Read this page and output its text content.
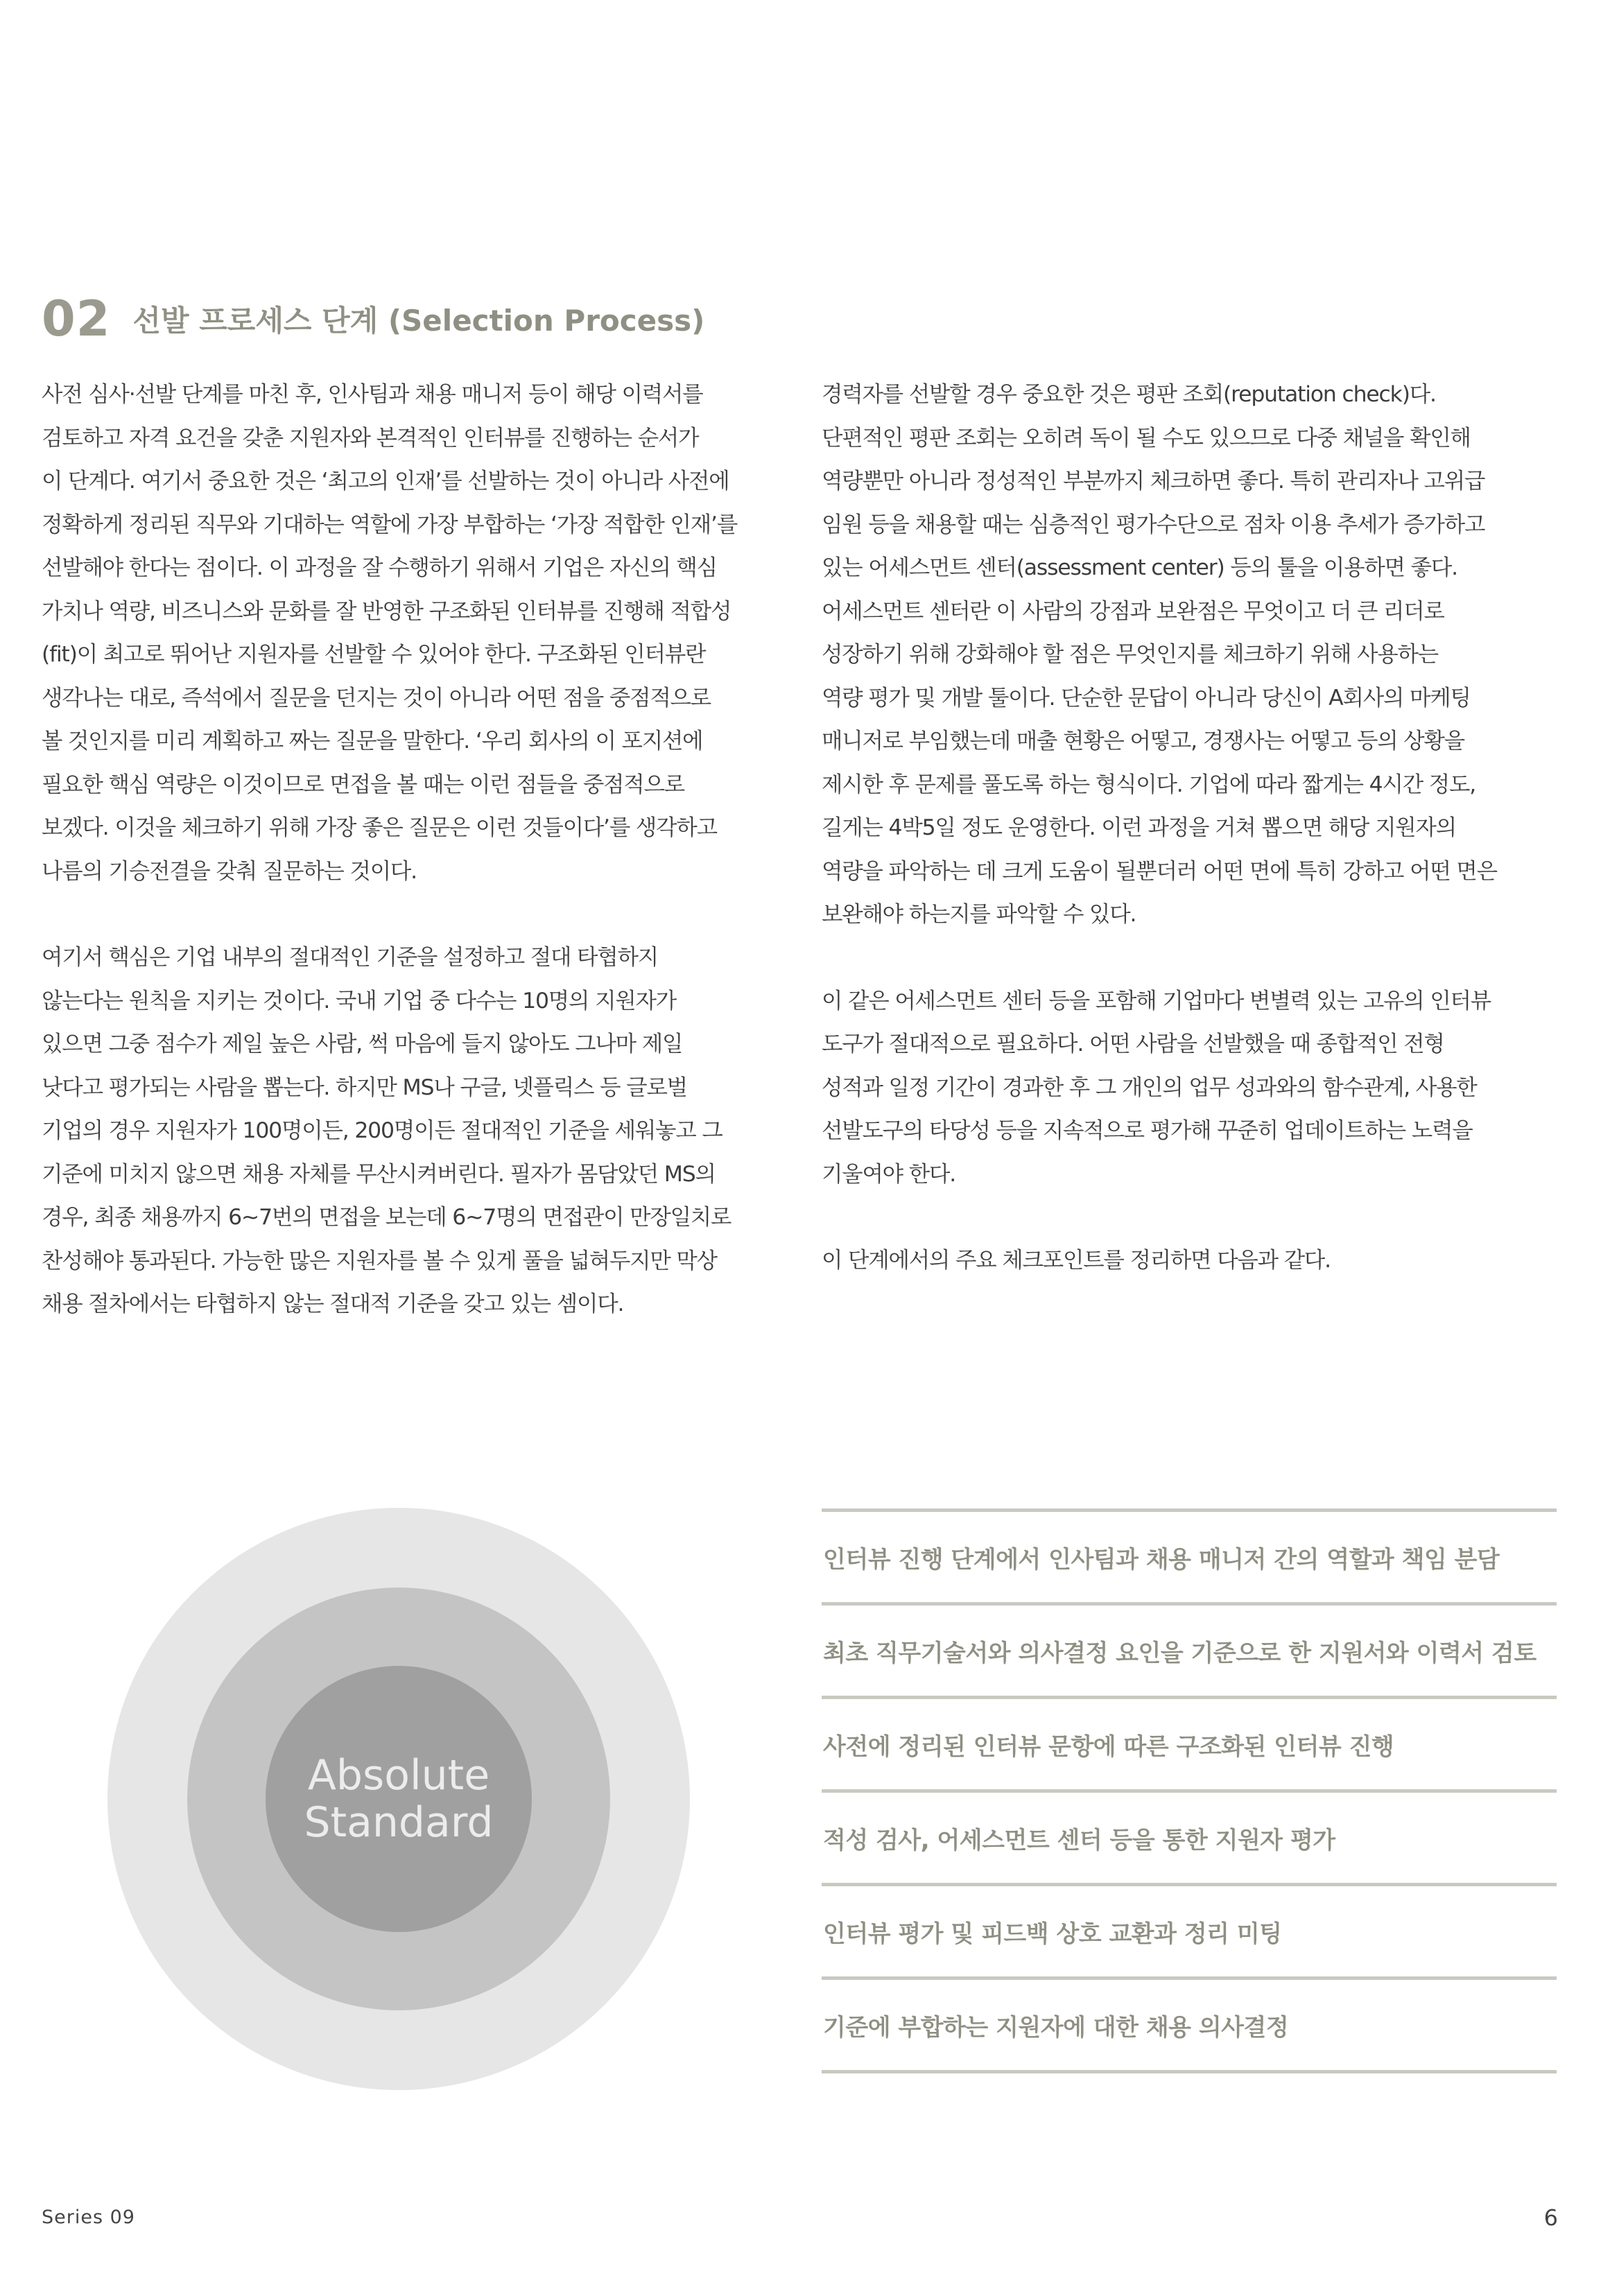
02 선발 프로세스 단계 (Selection Process)

사전 심사·선발 단계를 마친 후, 인사팀과 채용 매니저 등이 해당 이력서를
검토하고 자격 요건을 갖춘 지원자와 본격적인 인터뷰를 진행하는 순서가
이 단계다. 여기서 중요한 것은 ‘최고의 인재’를 선발하는 것이 아니라 사전에
정확하게 정리된 직무와 기대하는 역할에 가장 부합하는 ‘가장 적합한 인재’를
선발해야 한다는 점이다. 이 과정을 잘 수행하기 위해서 기업은 자신의 핵심
가치나 역량, 비즈니스와 문화를 잘 반영한 구조화된 인터뷰를 진행해 적합성
(fit)이 최고로 뛰어난 지원자를 선발할 수 있어야 한다. 구조화된 인터뷰란
생각나는 대로, 즉석에서 질문을 던지는 것이 아니라 어떤 점을 중점적으로
볼 것인지를 미리 계획하고 짜는 질문을 말한다. ‘우리 회사의 이 포지션에
필요한 핵심 역량은 이것이므로 면접을 볼 때는 이런 점들을 중점적으로
보겠다. 이것을 체크하기 위해 가장 좋은 질문은 이런 것들이다’를 생각하고
나름의 기승전결을 갖춰 질문하는 것이다.

여기서 핵심은 기업 내부의 절대적인 기준을 설정하고 절대 타협하지
않는다는 원칙을 지키는 것이다. 국내 기업 중 다수는 10명의 지원자가
있으면 그중 점수가 제일 높은 사람, 썩 마음에 들지 않아도 그나마 제일
낫다고 평가되는 사람을 뽑는다. 하지만 MS나 구글, 넷플릭스 등 글로벌
기업의 경우 지원자가 100명이든, 200명이든 절대적인 기준을 세워놓고 그
기준에 미치지 않으면 채용 자체를 무산시켜버린다. 필자가 몸담았던 MS의
경우, 최종 채용까지 6~7번의 면접을 보는데 6~7명의 면접관이 만장일치로
찬성해야 통과된다. 가능한 많은 지원자를 볼 수 있게 풀을 넓혀두지만 막상
채용 절차에서는 타협하지 않는 절대적 기준을 갖고 있는 셈이다.

경력자를 선발할 경우 중요한 것은 평판 조회(reputation check)다.
단편적인 평판 조회는 오히려 독이 될 수도 있으므로 다중 채널을 확인해
역량뿐만 아니라 정성적인 부분까지 체크하면 좋다. 특히 관리자나 고위급
임원 등을 채용할 때는 심층적인 평가수단으로 점차 이용 추세가 증가하고
있는 어세스먼트 센터(assessment center) 등의 툴을 이용하면 좋다.
어세스먼트 센터란 이 사람의 강점과 보완점은 무엇이고 더 큰 리더로
성장하기 위해 강화해야 할 점은 무엇인지를 체크하기 위해 사용하는
역량 평가 및 개발 툴이다. 단순한 문답이 아니라 당신이 A회사의 마케팅
매니저로 부임했는데 매출 현황은 어떻고, 경쟁사는 어떻고 등의 상황을
제시한 후 문제를 풀도록 하는 형식이다. 기업에 따라 짧게는 4시간 정도,
길게는 4박5일 정도 운영한다. 이런 과정을 거쳐 뽑으면 해당 지원자의
역량을 파악하는 데 크게 도움이 될뿐더러 어떤 면에 특히 강하고 어떤 면은
보완해야 하는지를 파악할 수 있다.

이 같은 어세스먼트 센터 등을 포함해 기업마다 변별력 있는 고유의 인터뷰
도구가 절대적으로 필요하다. 어떤 사람을 선발했을 때 종합적인 전형
성적과 일정 기간이 경과한 후 그 개인의 업무 성과와의 함수관계, 사용한
선발도구의 타당성 등을 지속적으로 평가해 꾸준히 업데이트하는 노력을
기울여야 한다.

이 단계에서의 주요 체크포인트를 정리하면 다음과 같다.

Absolute
Standard
인터뷰 진행 단계에서 인사팀과 채용 매니저 간의 역할과 책임 분담
최초 직무기술서와 의사결정 요인을 기준으로 한 지원서와 이력서 검토
사전에 정리된 인터뷰 문항에 따른 구조화된 인터뷰 진행
적성 검사, 어세스먼트 센터 등을 통한 지원자 평가
인터뷰 평가 및 피드백 상호 교환과 정리 미팅
기준에 부합하는 지원자에 대한 채용 의사결정
Series 09	6
